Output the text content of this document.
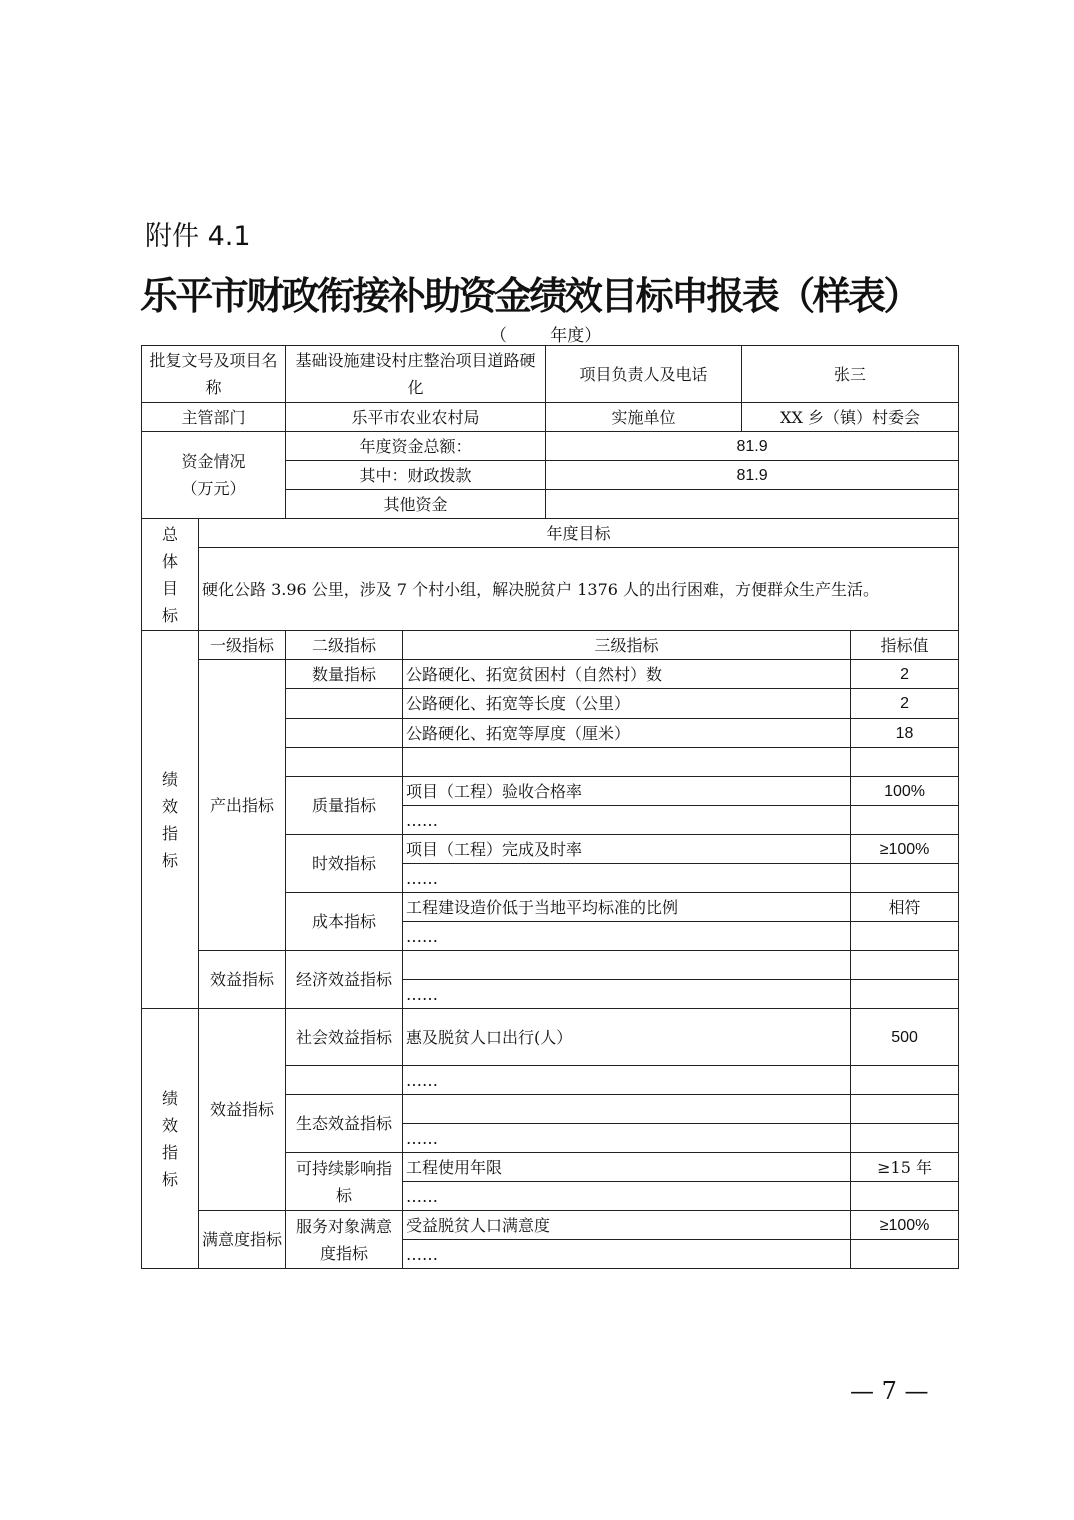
附件 4.1
乐平市财政衔接补助资金绩效目标申报表（样表）
（        年度）
批复文号及项目名称		基础设施建设村庄整治项目道路硬化		项目负责人及电话	张三	
主管部门		乐平市农业农村局		实施单位	XX 乡（镇）村委会	

资金情况
（万元）		年度资金总额：		81.9		
		其中：财政拨款		81.9		
		其他资金				

总体目标	年度目标					
	硬化公路 3.96 公里，涉及 7 个村小组，解决脱贫户 1376 人的出行困难，方便群众生产生活。					

绩效指标	一级指标	二级指标	三级指标			指标值
	产出指标	数量指标	公路硬化、拓宽贫困村（自然村）数			2
			公路硬化、拓宽等长度（公里）			2
			公路硬化、拓宽等厚度（厘米）			18

		质量指标	项目（工程）验收合格率			100%
			……			
		时效指标	项目（工程）完成及时率			≥100%
			……			
		成本指标	工程建设造价低于当地平均标准的比例			相符
			……			
	效益指标	经济效益指标				
			……			

绩效指标	效益指标	社会效益指标	惠及脱贫人口出行(人）			500
			……			
		生态效益指标				
			……			
		可持续影响指标	工程使用年限			≥15 年
			……			
	满意度指标	服务对象满意度指标	受益脱贫人口满意度			≥100%
			……			
— 7 —
